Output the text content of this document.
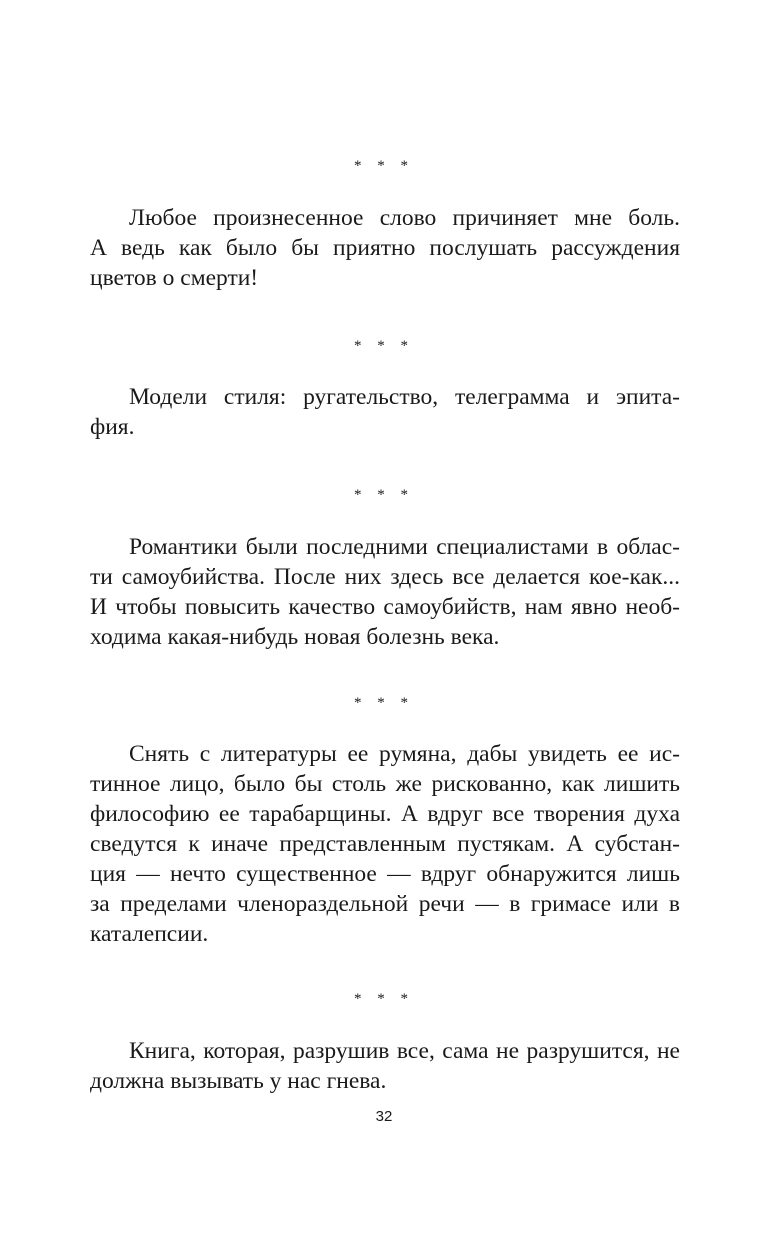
* * *
Любое произнесенное слово причиняет мне боль.
А ведь как было бы приятно послушать рассуждения
цветов о смерти!
* * *
Модели стиля: ругательство, телеграмма и эпита-
фия.
* * *
Романтики были последними специалистами в облас-
ти самоубийства. После них здесь все делается кое-как...
И чтобы повысить качество самоубийств, нам явно необ-
ходима какая-нибудь новая болезнь века.
* * *
Снять с литературы ее румяна, дабы увидеть ее ис-
тинное лицо, было бы столь же рискованно, как лишить
философию ее тарабарщины. А вдруг все творения духа
сведутся к иначе представленным пустякам. А субстан-
ция — нечто существенное — вдруг обнаружится лишь
за пределами членораздельной речи — в гримасе или в
каталепсии.
* * *
Книга, которая, разрушив все, сама не разрушится, не
должна вызывать у нас гнева.
32
